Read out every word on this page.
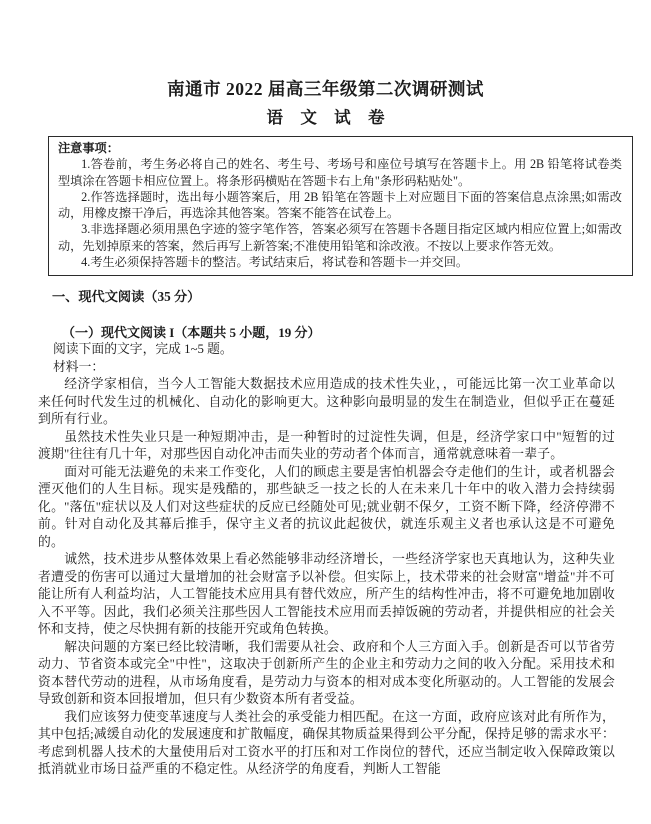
南通市 2022 届高三年级第二次调研测试
语文试卷
注意事项：

1.答卷前，考生务必将自己的姓名、考生号、考场号和座位号填写在答题卡上。用 2B 铅笔将试卷类型填涂在答题卡相应位置上。将条形码横贴在答题卡右上角"条形码粘贴处"。

2.作答选择题时，选出每小题答案后，用 2B 铅笔在答题卡上对应题目下面的答案信息点涂黑;如需改动，用橡皮擦干净后，再选涂其他答案。答案不能答在试卷上。

3.非选择题必须用黑色字迹的签字笔作答，答案必须写在答题卡各题目指定区域内相应位置上;如需改动，先划掉原来的答案，然后再写上新答案;不准使用铅笔和涂改液。不按以上要求作答无效。

4.考生必须保持答题卡的整洁。考试结束后，将试卷和答题卡一并交回。

一、现代文阅读（35 分）
（一）现代文阅读 I（本题共 5 小题，19 分）
阅读下面的文字，完成 1~5 题。
材料一：

经济学家相信，当今人工智能大数据技术应用造成的技术性失业，，可能远比第一次工业革命以来任何时代发生过的机械化、自动化的影响更大。这种影向最明显的发生在制造业，但似乎正在蔓延到所有行业。

虽然技术性失业只是一种短期冲击，是一种暂时的过淀性失调，但是，经济学家口中"短暂的过渡期"往往有几十年，对那些因自动化冲击而失业的劳动者个体而言，通常就意味着一辈子。

面对可能无法避免的未来工作变化，人们的顾虑主要是害怕机器会夺走他们的生计，或者机器会湮灭他们的人生目标。现实是残酷的，那些缺乏一技之长的人在未来几十年中的收入潜力会持续弱化。"落伍"症状以及人们对这些症状的反应已经随处可见;就业朝不保夕，工资不断下降，经济停滞不前。针对自动化及其幕后推手，保守主义者的抗议此起彼伏，就连乐观主义者也承认这是不可避免的。

诚然，技术进步从整体效果上看必然能够非动经济增长，一些经济学家也天真地认为，这种失业者遭受的伤害可以通过大量增加的社会财富予以补偿。但实际上，技术带来的社会财富"增益"并不可能让所有人利益均沾，人工智能技术应用具有替代效应，所产生的结构性冲击，将不可避免地加剧收入不平等。因此，我们必须关注那些因人工智能技术应用而丢掉饭碗的劳动者，并提供相应的社会关怀和支持，使之尽快拥有新的技能开究或角色转换。

解决问题的方案已经比较清晰，我们需要从社会、政府和个人三方面入手。创新是否可以节省劳动力、节省资本或完全"中性"，这取决于创新所产生的企业主和劳动力之间的收入分配。采用技术和资本替代劳动的进程，从市场角度看，是劳动力与资本的相对成本变化所驱动的。人工智能的发展会导致创新和资本回报增加，但只有少数资本所有者受益。

我们应该努力使变革速度与人类社会的承受能力相匹配。在这一方面，政府应该对此有所作为，其中包括;减缓自动化的发展速度和扩散幅度，确保其物质益果得到公平分配，保持足够的需求水平：考虑到机器人技术的大量使用后对工资水平的打压和对工作岗位的替代，还应当制定收入保障政策以抵消就业市场日益严重的不稳定性。从经济学的角度看，判断人工智能
